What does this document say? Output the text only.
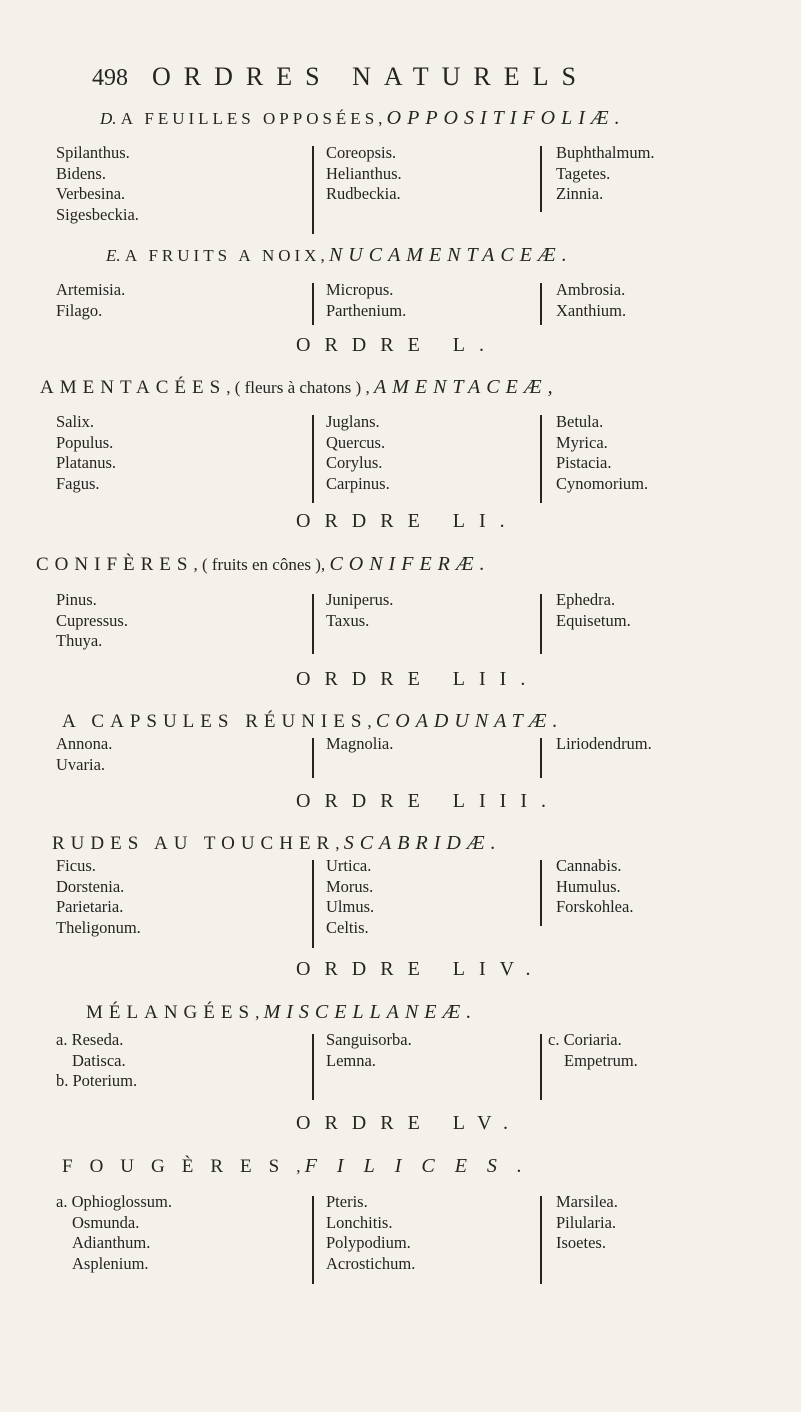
498 ORDRES NATURELS
D. A FEUILLES OPPOSÉES, OPPOSITIFOLIÆ.
Spilanthus.
Bidens.
Verbesina.
Sigesbeckia.
Coreopsis.
Helianthus.
Rudbeckia.
Buphthalmum.
Tagetes.
Zinnia.
E. A FRUITS A NOIX, NUCAMENTACEÆ.
Artemisia.
Filago.
Micropus.
Parthenium.
Ambrosia.
Xanthium.
ORDRE L.
AMENTACÉES, ( fleurs à chatons ) , AMENTACEÆ,
Salix.
Populus.
Platanus.
Fagus.
Juglans.
Quercus.
Corylus.
Carpinus.
Betula.
Myrica.
Pistacia.
Cynomorium.
ORDRE LI.
CONIFÈRES, ( fruits en cônes ), CONIFERÆ.
Pinus.
Cupressus.
Thuya.
Juniperus.
Taxus.
Ephedra.
Equisetum.
ORDRE LII.
A CAPSULES RÉUNIES, COADUNATÆ.
Annona.
Uvaria.
Magnolia.	Liriodendrum.
ORDRE LIII.
RUDES AU TOUCHER, SCABRIDÆ.
Ficus.
Dorstenia.
Parietaria.
Theligonum.
Urtica.
Morus.
Ulmus.
Celtis.
Cannabis.
Humulus.
Forskohlea.
ORDRE LIV.
MÉLANGÉES, MISCELLANEÆ.
a. Reseda.
Datisca.
b. Poterium.
Sanguisorba.
Lemna.
c. Coriaria.
Empetrum.
ORDRE LV.
FOUGÈRES, FILICES.
a. Ophioglossum.
Osmunda.
Adianthum.
Asplenium.
Pteris.
Lonchitis.
Polypodium.
Acrostichum.
Marsilea.
Pilularia.
Isoetes.
